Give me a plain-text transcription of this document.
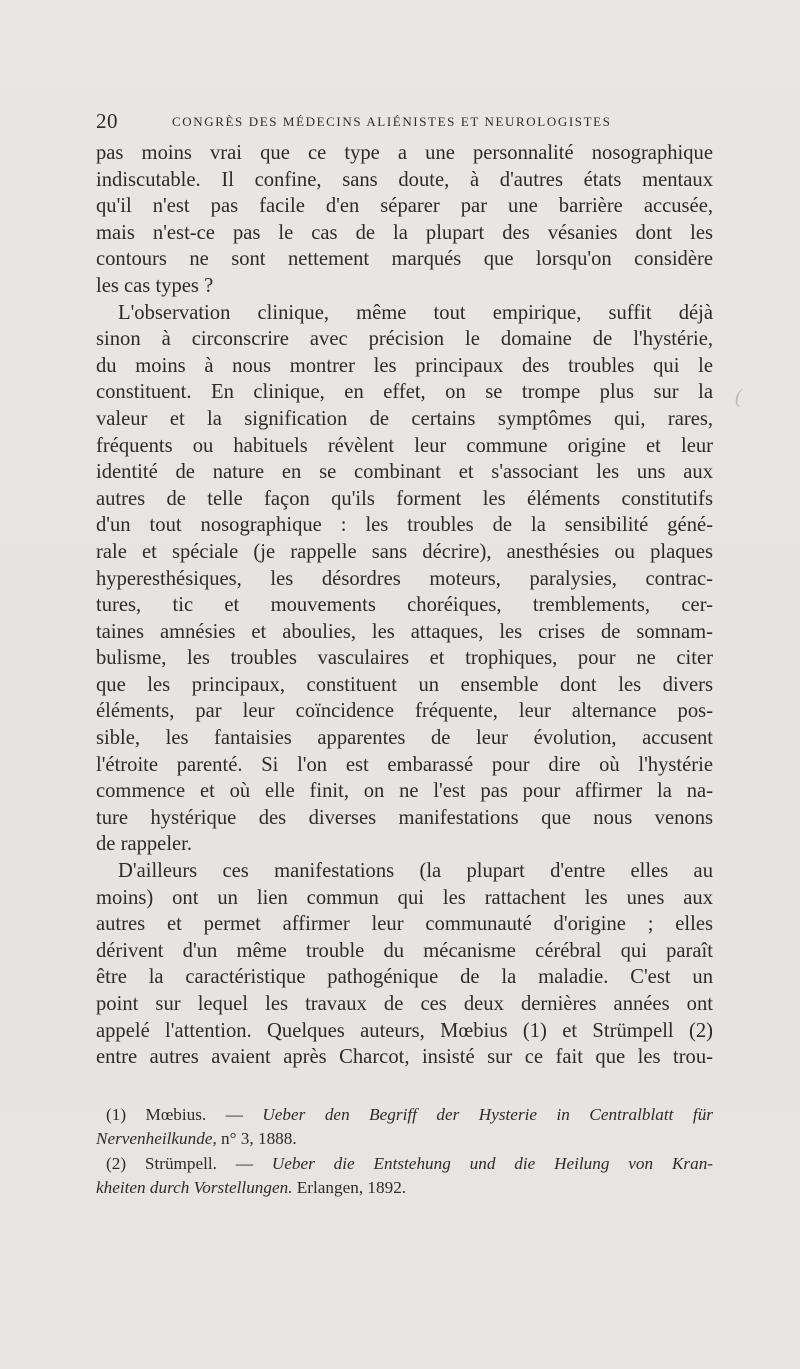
20	CONGRÈS DES MÉDECINS ALIÉNISTES ET NEUROLOGISTES
pas moins vrai que ce type a une personnalité nosographique
indiscutable. Il confine, sans doute, à d'autres états mentaux
qu'il n'est pas facile d'en séparer par une barrière accusée,
mais n'est-ce pas le cas de la plupart des vésanies dont les
contours ne sont nettement marqués que lorsqu'on considère
les cas types ?
L'observation clinique, même tout empirique, suffit déjà
sinon à circonscrire avec précision le domaine de l'hystérie,
du moins à nous montrer les principaux des troubles qui le
constituent. En clinique, en effet, on se trompe plus sur la
valeur et la signification de certains symptômes qui, rares,
fréquents ou habituels révèlent leur commune origine et leur
identité de nature en se combinant et s'associant les uns aux
autres de telle façon qu'ils forment les éléments constitutifs
d'un tout nosographique : les troubles de la sensibilité géné-
rale et spéciale (je rappelle sans décrire), anesthésies ou plaques
hyperesthésiques, les désordres moteurs, paralysies, contrac-
tures, tic et mouvements choréiques, tremblements, cer-
taines amnésies et aboulies, les attaques, les crises de somnam-
bulisme, les troubles vasculaires et trophiques, pour ne citer
que les principaux, constituent un ensemble dont les divers
éléments, par leur coïncidence fréquente, leur alternance pos-
sible, les fantaisies apparentes de leur évolution, accusent
l'étroite parenté. Si l'on est embarassé pour dire où l'hystérie
commence et où elle finit, on ne l'est pas pour affirmer la na-
ture hystérique des diverses manifestations que nous venons
de rappeler.
D'ailleurs ces manifestations (la plupart d'entre elles au
moins) ont un lien commun qui les rattachent les unes aux
autres et permet affirmer leur communauté d'origine ; elles
dérivent d'un même trouble du mécanisme cérébral qui paraît
être la caractéristique pathogénique de la maladie. C'est un
point sur lequel les travaux de ces deux dernières années ont
appelé l'attention. Quelques auteurs, Mœbius (1) et Strümpell (2)
entre autres avaient après Charcot, insisté sur ce fait que les trou-
(1) Mœbius. — Ueber den Begriff der Hysterie in Centralblatt für
Nervenheilkunde, n° 3, 1888.
(2) Strümpell. — Ueber die Entstehung und die Heilung von Kran-
kheiten durch Vorstellungen. Erlangen, 1892.
(
